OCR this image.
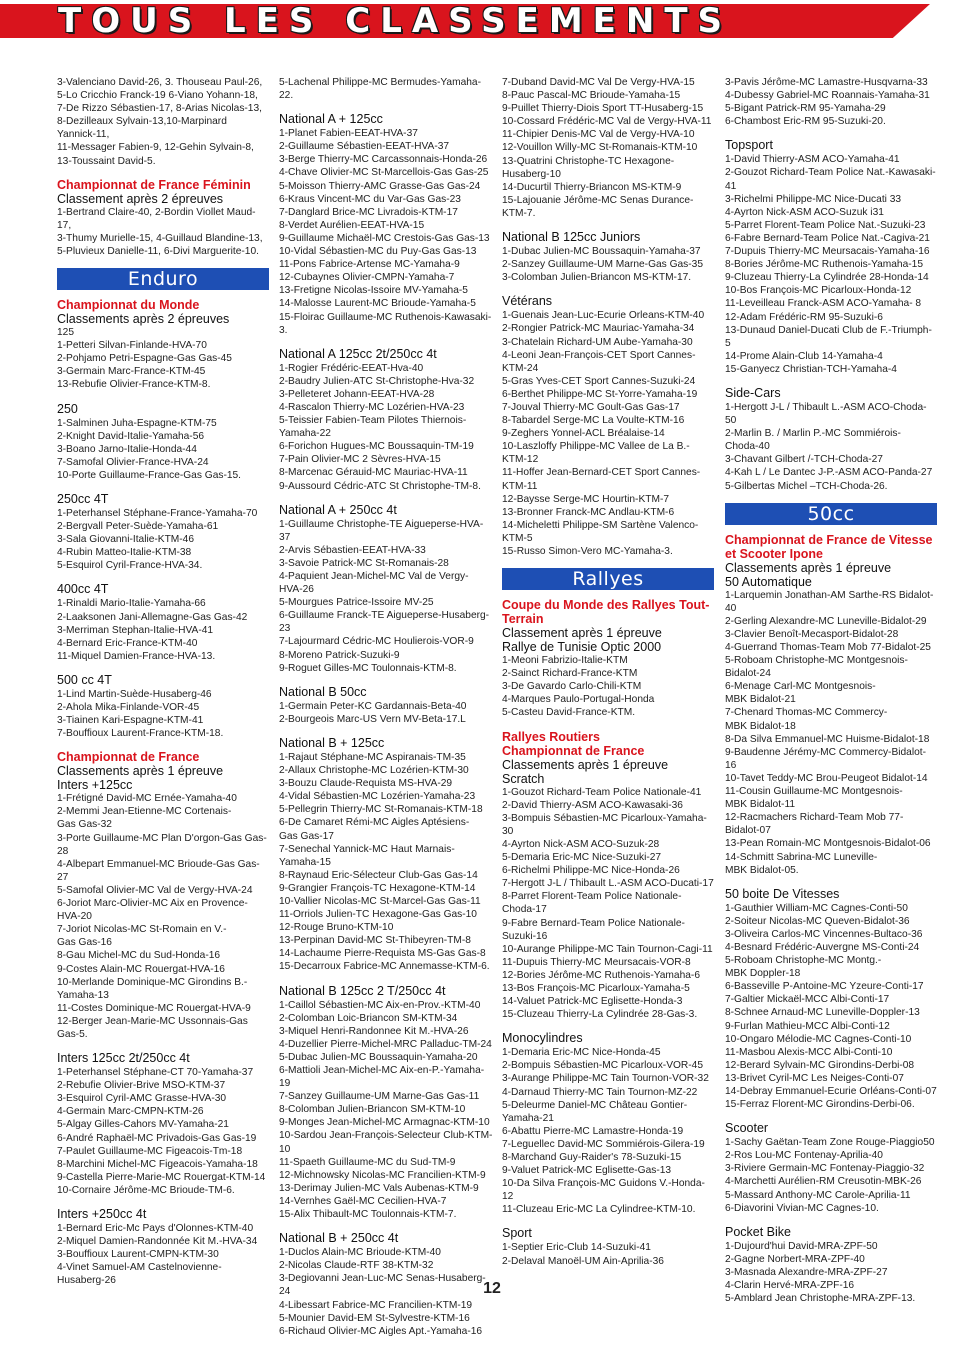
TOUS LES CLASSEMENTS
3-Valenciano David-26, 3. Thouseau Paul-26,
5-Lo Cricchio Franck-19 6-Viano Yohann-18,
7-De Rizzo Sébastien-17, 8-Arias Nicolas-13,
8-Dezilleaux Sylvain-13,10-Marpinard
Yannick-11,
11-Messager Fabien-9, 12-Gehin Sylvain-8,
13-Toussaint David-5.
Championnat de France Féminin
Classement après 2 épreuves
1-Bertrand Claire-40, 2-Bordin Viollet Maud-17,
3-Thumy Murielle-15, 4-Guillaud Blandine-13,
5-Pluvieux Danielle-11, 6-Divi Marguerite-10.
Enduro
Championnat du Monde
Classements après 2 épreuves
125
1-Petteri Silvan-Finlande-HVA-70
2-Pohjamo Petri-Espagne-Gas Gas-45
3-Germain Marc-France-KTM-45
13-Rebufie Olivier-France-KTM-8.
250
1-Salminen Juha-Espagne-KTM-75
2-Knight David-Italie-Yamaha-56
3-Boano Jarno-Italie-Honda-44
7-Samofal Olivier-France-HVA-24
10-Porte Guillaume-France-Gas Gas-15.
250cc 4T
1-Peterhansel Stéphane-France-Yamaha-70
2-Bergvall Peter-Suède-Yamaha-61
3-Sala Giovanni-Italie-KTM-46
4-Rubin Matteo-Italie-KTM-38
5-Esquirol Cyril-France-HVA-34.
400cc 4T
1-Rinaldi Mario-Italie-Yamaha-66
2-Laaksonen Jani-Allemagne-Gas Gas-42
3-Merriman Stephan-Italie-HVA-41
4-Bernard Eric-France-KTM-40
11-Miquel Damien-France-HVA-13.
500 cc 4T
1-Lind Martin-Suède-Husaberg-46
2-Ahola Mika-Finlande-VOR-45
3-Tiainen Kari-Espagne-KTM-41
7-Bouffioux Laurent-France-KTM-18.
Championnat de France
Classements après 1 épreuve
Inters +125cc
1-Frétigné David-MC Ernée-Yamaha-40
2-Memmi Jean-Etienne-MC Cortenais-
Gas Gas-32
3-Porte Guillaume-MC Plan D'orgon-Gas Gas-28
4-Albepart Emmanuel-MC Brioude-Gas Gas-27
5-Samofal Olivier-MC Val de Vergy-HVA-24
6-Joriot Marc-Olivier-MC Aix en Provence-
HVA-20
7-Joriot Nicolas-MC St-Romain en V.-
Gas Gas-16
8-Gau Michel-MC du Sud-Honda-16
9-Costes Alain-MC Rouergat-HVA-16
10-Merlande Dominique-MC Girondins B.-
Yamaha-13
11-Costes Dominique-MC Rouergat-HVA-9
12-Berger Jean-Marie-MC Ussonnais-Gas Gas-5.
Inters 125cc 2t/250cc 4t
1-Peterhansel Stéphane-CT 70-Yamaha-37
2-Rebufie Olivier-Brive MSO-KTM-37
3-Esquirol Cyril-AMC Grasse-HVA-30
4-Germain Marc-CMPN-KTM-26
5-Algay Gilles-Cahors MV-Yamaha-21
6-André Raphaël-MC Privadois-Gas Gas-19
7-Paulet Guillaume-MC Figeacois-Tm-18
8-Marchini Michel-MC Figeacois-Yamaha-18
9-Castella Pierre-Marie-MC Rouergat-KTM-14
10-Cornaire Jérôme-MC Brioude-TM-6.
Inters +250cc 4t
1-Bernard Eric-Mc Pays d'Olonnes-KTM-40
2-Miquel Damien-Randonnée Kit M.-HVA-34
3-Bouffioux Laurent-CMPN-KTM-30
4-Vinet Samuel-AM Castelnovienne-
Husaberg-26
5-Lachenal Philippe-MC Bermudes-Yamaha-22.
National A + 125cc
1-Planet Fabien-EEAT-HVA-37
2-Guillaume Sébastien-EEAT-HVA-37
3-Berge Thierry-MC Carcassonnais-Honda-26
4-Chave Olivier-MC St-Marcellois-Gas Gas-25
5-Moisson Thierry-AMC Grasse-Gas Gas-24
6-Kraus Vincent-MC du Var-Gas Gas-23
7-Danglard Brice-MC Livradois-KTM-17
8-Verdet Aurélien-EEAT-HVA-15
9-Guillaume Michaël-MC Crestois-Gas Gas-13
10-Vidal Sébastien-MC du Puy-Gas Gas-13
11-Pons Fabrice-Artense MC-Yamaha-9
12-Cubaynes Olivier-CMPN-Yamaha-7
13-Fretigne Nicolas-Issoire MV-Yamaha-5
14-Malosse Laurent-MC Brioude-Yamaha-5
15-Floirac Guillaume-MC Ruthenois-Kawasaki-3.
National A 125cc 2t/250cc 4t
1-Rogier Frédéric-EEAT-Hva-40
2-Baudry Julien-ATC St-Christophe-Hva-32
3-Pelleteret Johann-EEAT-HVA-28
4-Rascalon Thierry-MC Lozérien-HVA-23
5-Teissier Fabien-Team Pilotes Thiernois-
Yamaha-22
6-Forichon Hugues-MC Boussaquin-TM-19
7-Pain Olivier-MC 2 Sèvres-HVA-15
8-Marcenac Gérauid-MC Mauriac-HVA-11
9-Aussourd Cédric-ATC St Christophe-TM-8.
National A + 250cc 4t
1-Guillaume Christophe-TE Aigueperse-HVA-37
2-Arvis Sébastien-EEAT-HVA-33
3-Savoie Patrick-MC St-Romanais-28
4-Paquient Jean-Michel-MC Val de Vergy-
HVA-26
5-Mourgues Patrice-Issoire MV-25
6-Guillaume Franck-TE Aigueperse-Husaberg-23
7-Lajourmard Cédric-MC Houlierois-VOR-9
8-Moreno Patrick-Suzuki-9
9-Roguet Gilles-MC Toulonnais-KTM-8.
National B 50cc
1-Germain Peter-KC Gardannais-Beta-40
2-Bourgeois Marc-US Vern MV-Beta-17.L
National B + 125cc
1-Rajaut Stéphane-MC Aspiranais-TM-35
2-Allaux Christophe-MC Lozérien-KTM-30
3-Bouzu Claude-Requista MS-HVA-29
4-Vidal Sébastien-MC Lozérien-Yamaha-23
5-Pellegrin Thierry-MC St-Romanais-KTM-18
6-De Camaret Rémi-MC Aigles Aptésiens-
Gas Gas-17
7-Senechal Yannick-MC Haut Marnais-
Yamaha-15
8-Raynaud Eric-Sélecteur Club-Gas Gas-14
9-Grangier François-TC Hexagone-KTM-14
10-Vallier Nicolas-MC St-Marcel-Gas Gas-11
11-Orriols Julien-TC Hexagone-Gas Gas-10
12-Rouge Bruno-KTM-10
13-Perpinan David-MC St-Thibeyren-TM-8
14-Lachaume Pierre-Requista MS-Gas Gas-8
15-Decarroux Fabrice-MC Annemasse-KTM-6.
National B 125cc 2 T/250cc 4t
1-Caillol Sébastien-MC Aix-en-Prov.-KTM-40
2-Colomban Loic-Briancon SM-KTM-34
3-Miquel Henri-Randonnee Kit M.-HVA-26
4-Duzellier Pierre-Michel-MRC Palladuc-TM-24
5-Dubac Julien-MC Boussaquin-Yamaha-20
6-Mattioli Jean-Michel-MC Aix-en-P.-Yamaha-19
7-Sanzey Guillaume-UM Marne-Gas Gas-11
8-Colomban Julien-Briancon SM-KTM-10
9-Monges Jean-Michel-MC Armagnac-KTM-10
10-Sardou Jean-François-Selecteur Club-KTM-10
11-Spaeth Guillaume-MC du Sud-TM-9
12-Michnowsky Nicolas-MC Francilien-KTM-9
13-Derimay Julien-MC Vals Aubenas-KTM-9
14-Vernhes Gaël-MC Cecilien-HVA-7
15-Alix Thibault-MC Toulonnais-KTM-7.
National B + 250cc 4t
1-Duclos Alain-MC Brioude-KTM-40
2-Nicolas Claude-RTF 38-KTM-32
3-Degiovanni Jean-Luc-MC Senas-Husaberg-24
4-Libessart Fabrice-MC Francilien-KTM-19
5-Mounier David-EM St-Sylvestre-KTM-16
6-Richaud Olivier-MC Aigles Apt.-Yamaha-16
7-Duband David-MC Val De Vergy-HVA-15
8-Pauc Pascal-MC Brioude-Yamaha-15
9-Puillet Thierry-Diois Sport TT-Husaberg-15
10-Cossard Frédéric-MC Val de Vergy-HVA-11
11-Chipier Denis-MC Val de Vergy-HVA-10
12-Vouillon Willy-MC St-Romanais-KTM-10
13-Quatrini Christophe-TC Hexagone-
Husaberg-10
14-Ducurtil Thierry-Briancon MS-KTM-9
15-Lajouanie Jérôme-MC Senas Durance-KTM-7.
National B 125cc Juniors
1-Dubac Julien-MC Boussaquin-Yamaha-37
2-Sanzey Guillaume-UM Marne-Gas Gas-35
3-Colomban Julien-Briancon MS-KTM-17.
Vétérans
1-Guenais Jean-Luc-Ecurie Orleans-KTM-40
2-Rongier Patrick-MC Mauriac-Yamaha-34
3-Chatelain Richard-UM Aube-Yamaha-30
4-Leoni Jean-François-CET Sport Cannes-
KTM-24
5-Gras Yves-CET Sport Cannes-Suzuki-24
6-Berthet Philippe-MC St-Yorre-Yamaha-19
7-Jouval Thierry-MC Goult-Gas Gas-17
8-Tabardel Serge-MC La Voulte-KTM-16
9-Zeghers Yonnel-ACL Bréalaise-14
10-Laszloffy Philippe-MC Vallee de La B.-
KTM-12
11-Hoffer Jean-Bernard-CET Sport Cannes-
KTM-11
12-Baysse Serge-MC Hourtin-KTM-7
13-Bronner Franck-MC Andlau-KTM-6
14-Micheletti Philippe-SM Sartène Valenco-
KTM-5
15-Russo Simon-Vero MC-Yamaha-3.
Rallyes
Coupe du Monde des Rallyes Tout-Terrain
Classement après 1 épreuve
Rallye de Tunisie Optic 2000
1-Meoni Fabrizio-Italie-KTM
2-Sainct Richard-France-KTM
3-De Gavardo Carlo-Chili-KTM
4-Marques Paulo-Portugal-Honda
5-Casteu David-France-KTM.
Rallyes Routiers
Championnat de France
Classements après 1 épreuve
Scratch
1-Gouzot Richard-Team Police Nationale-41
2-David Thierry-ASM ACO-Kawasaki-36
3-Bompuis Sébastien-MC Picarloux-Yamaha-30
4-Ayrton Nick-ASM ACO-Suzuk-28
5-Demaria Eric-MC Nice-Suzuki-27
6-Richelmi Philippe-MC Nice-Honda-26
7-Hergott J-L / Thibault L.-ASM ACO-Ducati-17
8-Parret Florent-Team Police Nationale-
Choda-17
9-Fabre Bernard-Team Police Nationale-
Suzuki-16
10-Aurange Philippe-MC Tain Tournon-Cagi-11
11-Dupuis Thierry-MC Meursacais-VOR-8
12-Bories Jérôme-MC Ruthenois-Yamaha-6
13-Bos François-MC Picarloux-Yamaha-5
14-Valuet Patrick-MC Eglisette-Honda-3
15-Cluzeau Thierry-La Cylindrée 28-Gas-3.
Monocylindres
1-Demaria Eric-MC Nice-Honda-45
2-Bompuis Sébastien-MC Picarloux-VOR-45
3-Aurange Philippe-MC Tain Tournon-VOR-32
4-Darnaud Thierry-MC Tain Tournon-MZ-22
5-Deleurme Daniel-MC Château Gontier-
Yamaha-21
6-Abattu Pierre-MC Lamastre-Honda-19
7-Leguellec David-MC Sommiérois-Gilera-19
8-Marchand Guy-Raider's 78-Suzuki-15
9-Valuet Patrick-MC Eglisette-Gas-13
10-Da Silva François-MC Guidons V.-Honda-12
11-Cluzeau Eric-MC La Cylindree-KTM-10.
Sport
1-Septier Eric-Club 14-Suzuki-41
2-Delaval Manoël-UM Ain-Aprilia-36
3-Pavis Jérôme-MC Lamastre-Husqvarna-33
4-Dubessy Gabriel-MC Roannais-Yamaha-31
5-Bigant Patrick-RM 95-Yamaha-29
6-Chambost Eric-RM 95-Suzuki-20.
Topsport
1-David Thierry-ASM ACO-Yamaha-41
2-Gouzot Richard-Team Police Nat.-Kawasaki-41
3-Richelmi Philippe-MC Nice-Ducati 33
4-Ayrton Nick-ASM ACO-Suzuk i31
5-Parret Florent-Team Police Nat.-Suzuki-23
6-Fabre Bernard-Team Police Nat.-Cagiva-21
7-Dupuis Thierry-MC Meursacais-Yamaha-16
8-Bories Jérôme-MC Ruthenois-Yamaha-15
9-Cluzeau Thierry-La Cylindrée 28-Honda-14
10-Bos François-MC Picarloux-Honda-12
11-Leveilleau Franck-ASM ACO-Yamaha- 8
12-Adam Frédéric-RM 95-Suzuki-6
13-Dunaud Daniel-Ducati Club de F.-Triumph-5
14-Prome Alain-Club 14-Yamaha-4
15-Ganyecz Christian-TCH-Yamaha-4
Side-Cars
1-Hergott J-L / Thibault L.-ASM ACO-Choda-50
2-Marlin B. / Marlin P.-MC Sommiérois-
Choda-40
3-Chavant Gilbert /-TCH-Choda-27
4-Kah L / Le Dantec J-P.-ASM ACO-Panda-27
5-Gilbertas Michel –TCH-Choda-26.
50cc
Championnat de France de Vitesse et Scooter Ipone
Classements après 1 épreuve
50 Automatique
1-Larquemin Jonathan-AM Sarthe-RS Bidalot-40
2-Gerling Alexandre-MC Luneville-Bidalot-29
3-Clavier Benoît-Mecasport-Bidalot-28
4-Guerrand Thomas-Team Mob 77-Bidalot-25
5-Roboam Christophe-MC Montgesnois-
Bidalot-24
6-Menage Carl-MC Montgesnois-
MBK Bidalot-21
7-Chenard Thomas-MC Commercy-
MBK Bidalot-18
8-Da Silva Emmanuel-MC Huisme-Bidalot-18
9-Baudenne Jérémy-MC Commercy-Bidalot-16
10-Tavet Teddy-MC Brou-Peugeot Bidalot-14
11-Cousin Guillaume-MC Montgesnois-
MBK Bidalot-11
12-Racmachers Richard-Team Mob 77-
Bidalot-07
13-Pean Romain-MC Montgesnois-Bidalot-06
14-Schmitt Sabrina-MC Luneville-
MBK Bidalot-05.
50 boite De Vitesses
1-Gauthier William-MC Cagnes-Conti-50
2-Soiteur Nicolas-MC Queven-Bidalot-36
3-Oliveira Carlos-MC Vincennes-Bultaco-36
4-Besnard Frédéric-Auvergne MS-Conti-24
5-Roboam Christophe-MC Montg.-
MBK Doppler-18
6-Basseville P-Antoine-MC Yzeure-Conti-17
7-Galtier Mickaël-MCC Albi-Conti-17
8-Schnee Arnaud-MC Luneville-Doppler-13
9-Furlan Mathieu-MCC Albi-Conti-12
10-Ongaro Mélodie-MC Cagnes-Conti-10
11-Masbou Alexis-MCC Albi-Conti-10
12-Berard Sylvain-MC Girondins-Derbi-08
13-Brivet Cyril-MC Les Neiges-Conti-07
14-Debray Emmanuel-Ecurie Orléans-Conti-07
15-Ferraz Florent-MC Girondins-Derbi-06.
Scooter
1-Sachy Gaëtan-Team Zone Rouge-Piaggio50
2-Ros Lou-MC Fontenay-Aprilia-40
3-Riviere Germain-MC Fontenay-Piaggio-32
4-Marchetti Aurélien-RM Creusotin-MBK-26
5-Massard Anthony-MC Carole-Aprilia-11
6-Diavorini Vivian-MC Cagnes-10.
Pocket Bike
1-Dujourd'hui David-MRA-ZPF-50
2-Gagne Norbert-MRA-ZPF-40
3-Masnada Alexandre-MRA-ZPF-27
4-Clarin Hervé-MRA-ZPF-16
5-Amblard Jean Christophe-MRA-ZPF-13.
12
